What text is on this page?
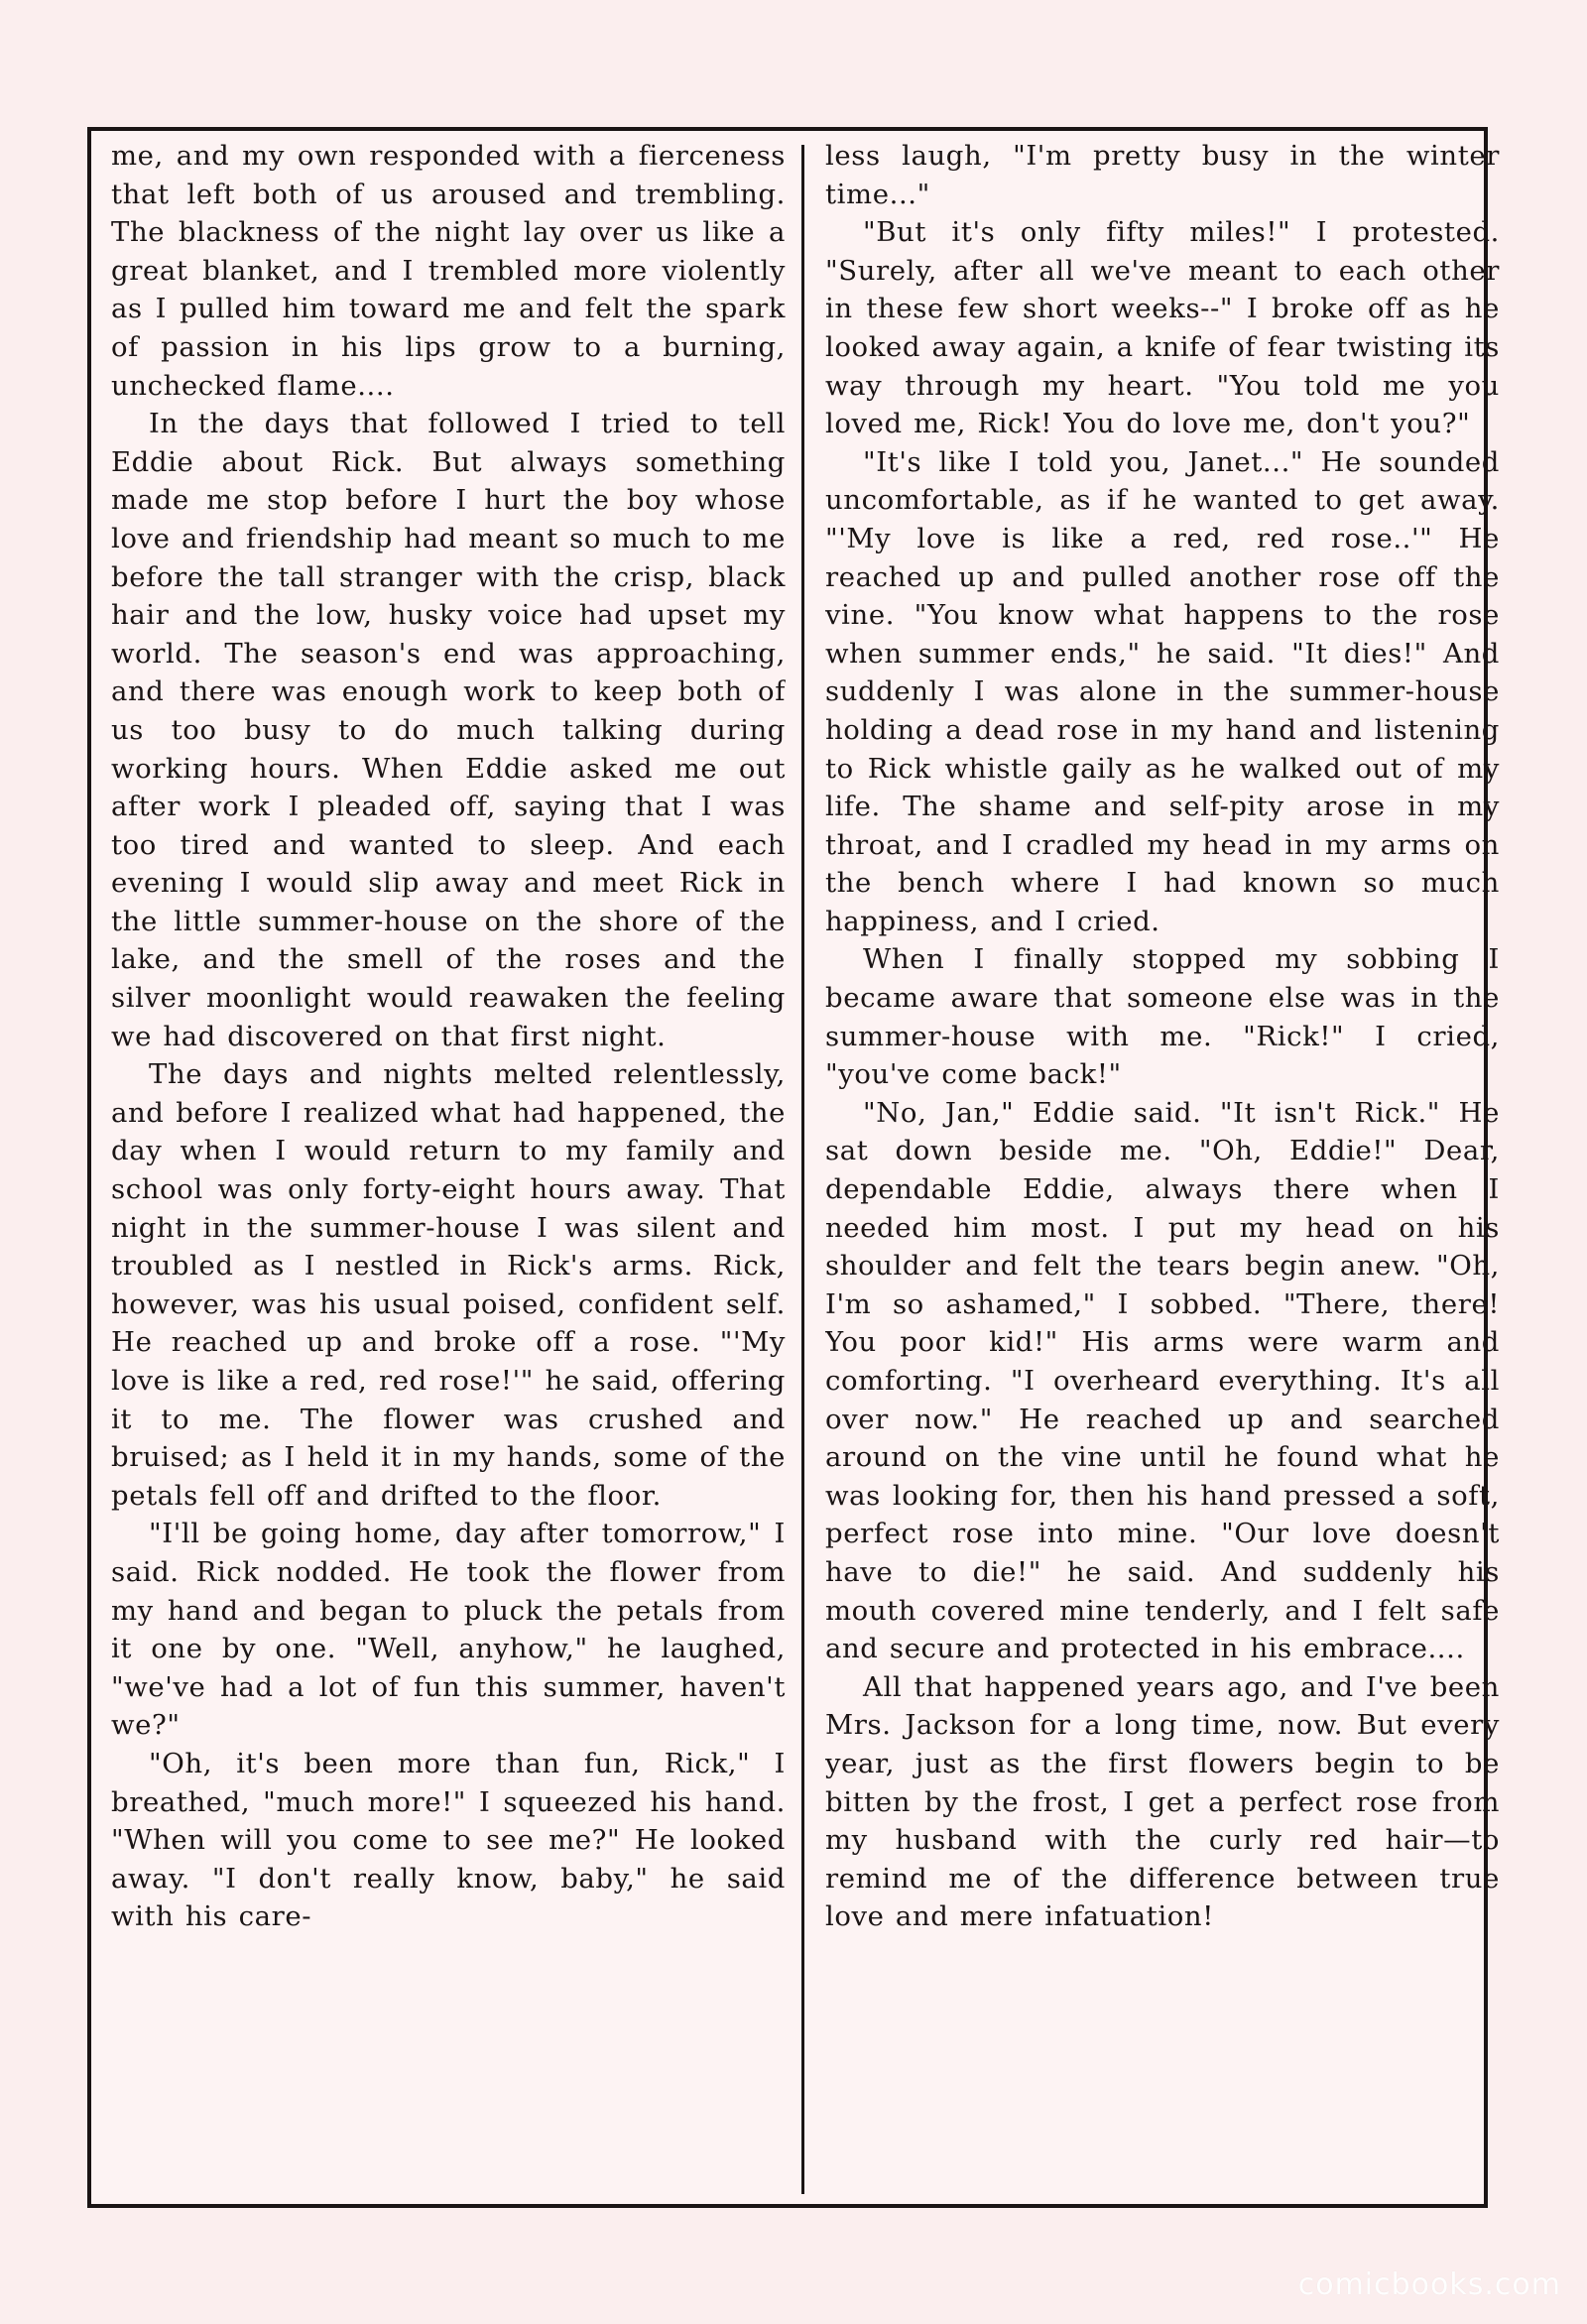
me, and my own responded with a fierceness that left both of us aroused and trembling. The blackness of the night lay over us like a great blanket, and I trembled more violently as I pulled him toward me and felt the spark of passion in his lips grow to a burning, unchecked flame....

In the days that followed I tried to tell Eddie about Rick. But always something made me stop before I hurt the boy whose love and friendship had meant so much to me before the tall stranger with the crisp, black hair and the low, husky voice had upset my world. The season's end was approaching, and there was enough work to keep both of us too busy to do much talking during working hours. When Eddie asked me out after work I pleaded off, saying that I was too tired and wanted to sleep. And each evening I would slip away and meet Rick in the little summer-house on the shore of the lake, and the smell of the roses and the silver moonlight would reawaken the feeling we had discovered on that first night.

The days and nights melted relentlessly, and before I realized what had happened, the day when I would return to my family and school was only forty-eight hours away. That night in the summer-house I was silent and troubled as I nestled in Rick's arms. Rick, however, was his usual poised, confident self. He reached up and broke off a rose. "'My love is like a red, red rose!'" he said, offering it to me. The flower was crushed and bruised; as I held it in my hands, some of the petals fell off and drifted to the floor.

"I'll be going home, day after tomorrow," I said. Rick nodded. He took the flower from my hand and began to pluck the petals from it one by one. "Well, anyhow," he laughed, "we've had a lot of fun this summer, haven't we?"

"Oh, it's been more than fun, Rick," I breathed, "much more!" I squeezed his hand. "When will you come to see me?" He looked away. "I don't really know, baby," he said with his care-

less laugh, "I'm pretty busy in the winter time..."

"But it's only fifty miles!" I protested. "Surely, after all we've meant to each other in these few short weeks--" I broke off as he looked away again, a knife of fear twisting its way through my heart. "You told me you loved me, Rick! You do love me, don't you?"

"It's like I told you, Janet..." He sounded uncomfortable, as if he wanted to get away. "'My love is like a red, red rose..'" He reached up and pulled another rose off the vine. "You know what happens to the rose when summer ends," he said. "It dies!" And suddenly I was alone in the summer-house holding a dead rose in my hand and listening to Rick whistle gaily as he walked out of my life. The shame and self-pity arose in my throat, and I cradled my head in my arms on the bench where I had known so much happiness, and I cried.

When I finally stopped my sobbing I became aware that someone else was in the summer-house with me. "Rick!" I cried, "you've come back!"

"No, Jan," Eddie said. "It isn't Rick." He sat down beside me. "Oh, Eddie!" Dear, dependable Eddie, always there when I needed him most. I put my head on his shoulder and felt the tears begin anew. "Oh, I'm so ashamed," I sobbed. "There, there! You poor kid!" His arms were warm and comforting. "I overheard everything. It's all over now." He reached up and searched around on the vine until he found what he was looking for, then his hand pressed a soft, perfect rose into mine. "Our love doesn't have to die!" he said. And suddenly his mouth covered mine tenderly, and I felt safe and secure and protected in his embrace....

All that happened years ago, and I've been Mrs. Jackson for a long time, now. But every year, just as the first flowers begin to be bitten by the frost, I get a perfect rose from my husband with the curly red hair—to remind me of the difference between true love and mere infatuation!

comicbooks.com
